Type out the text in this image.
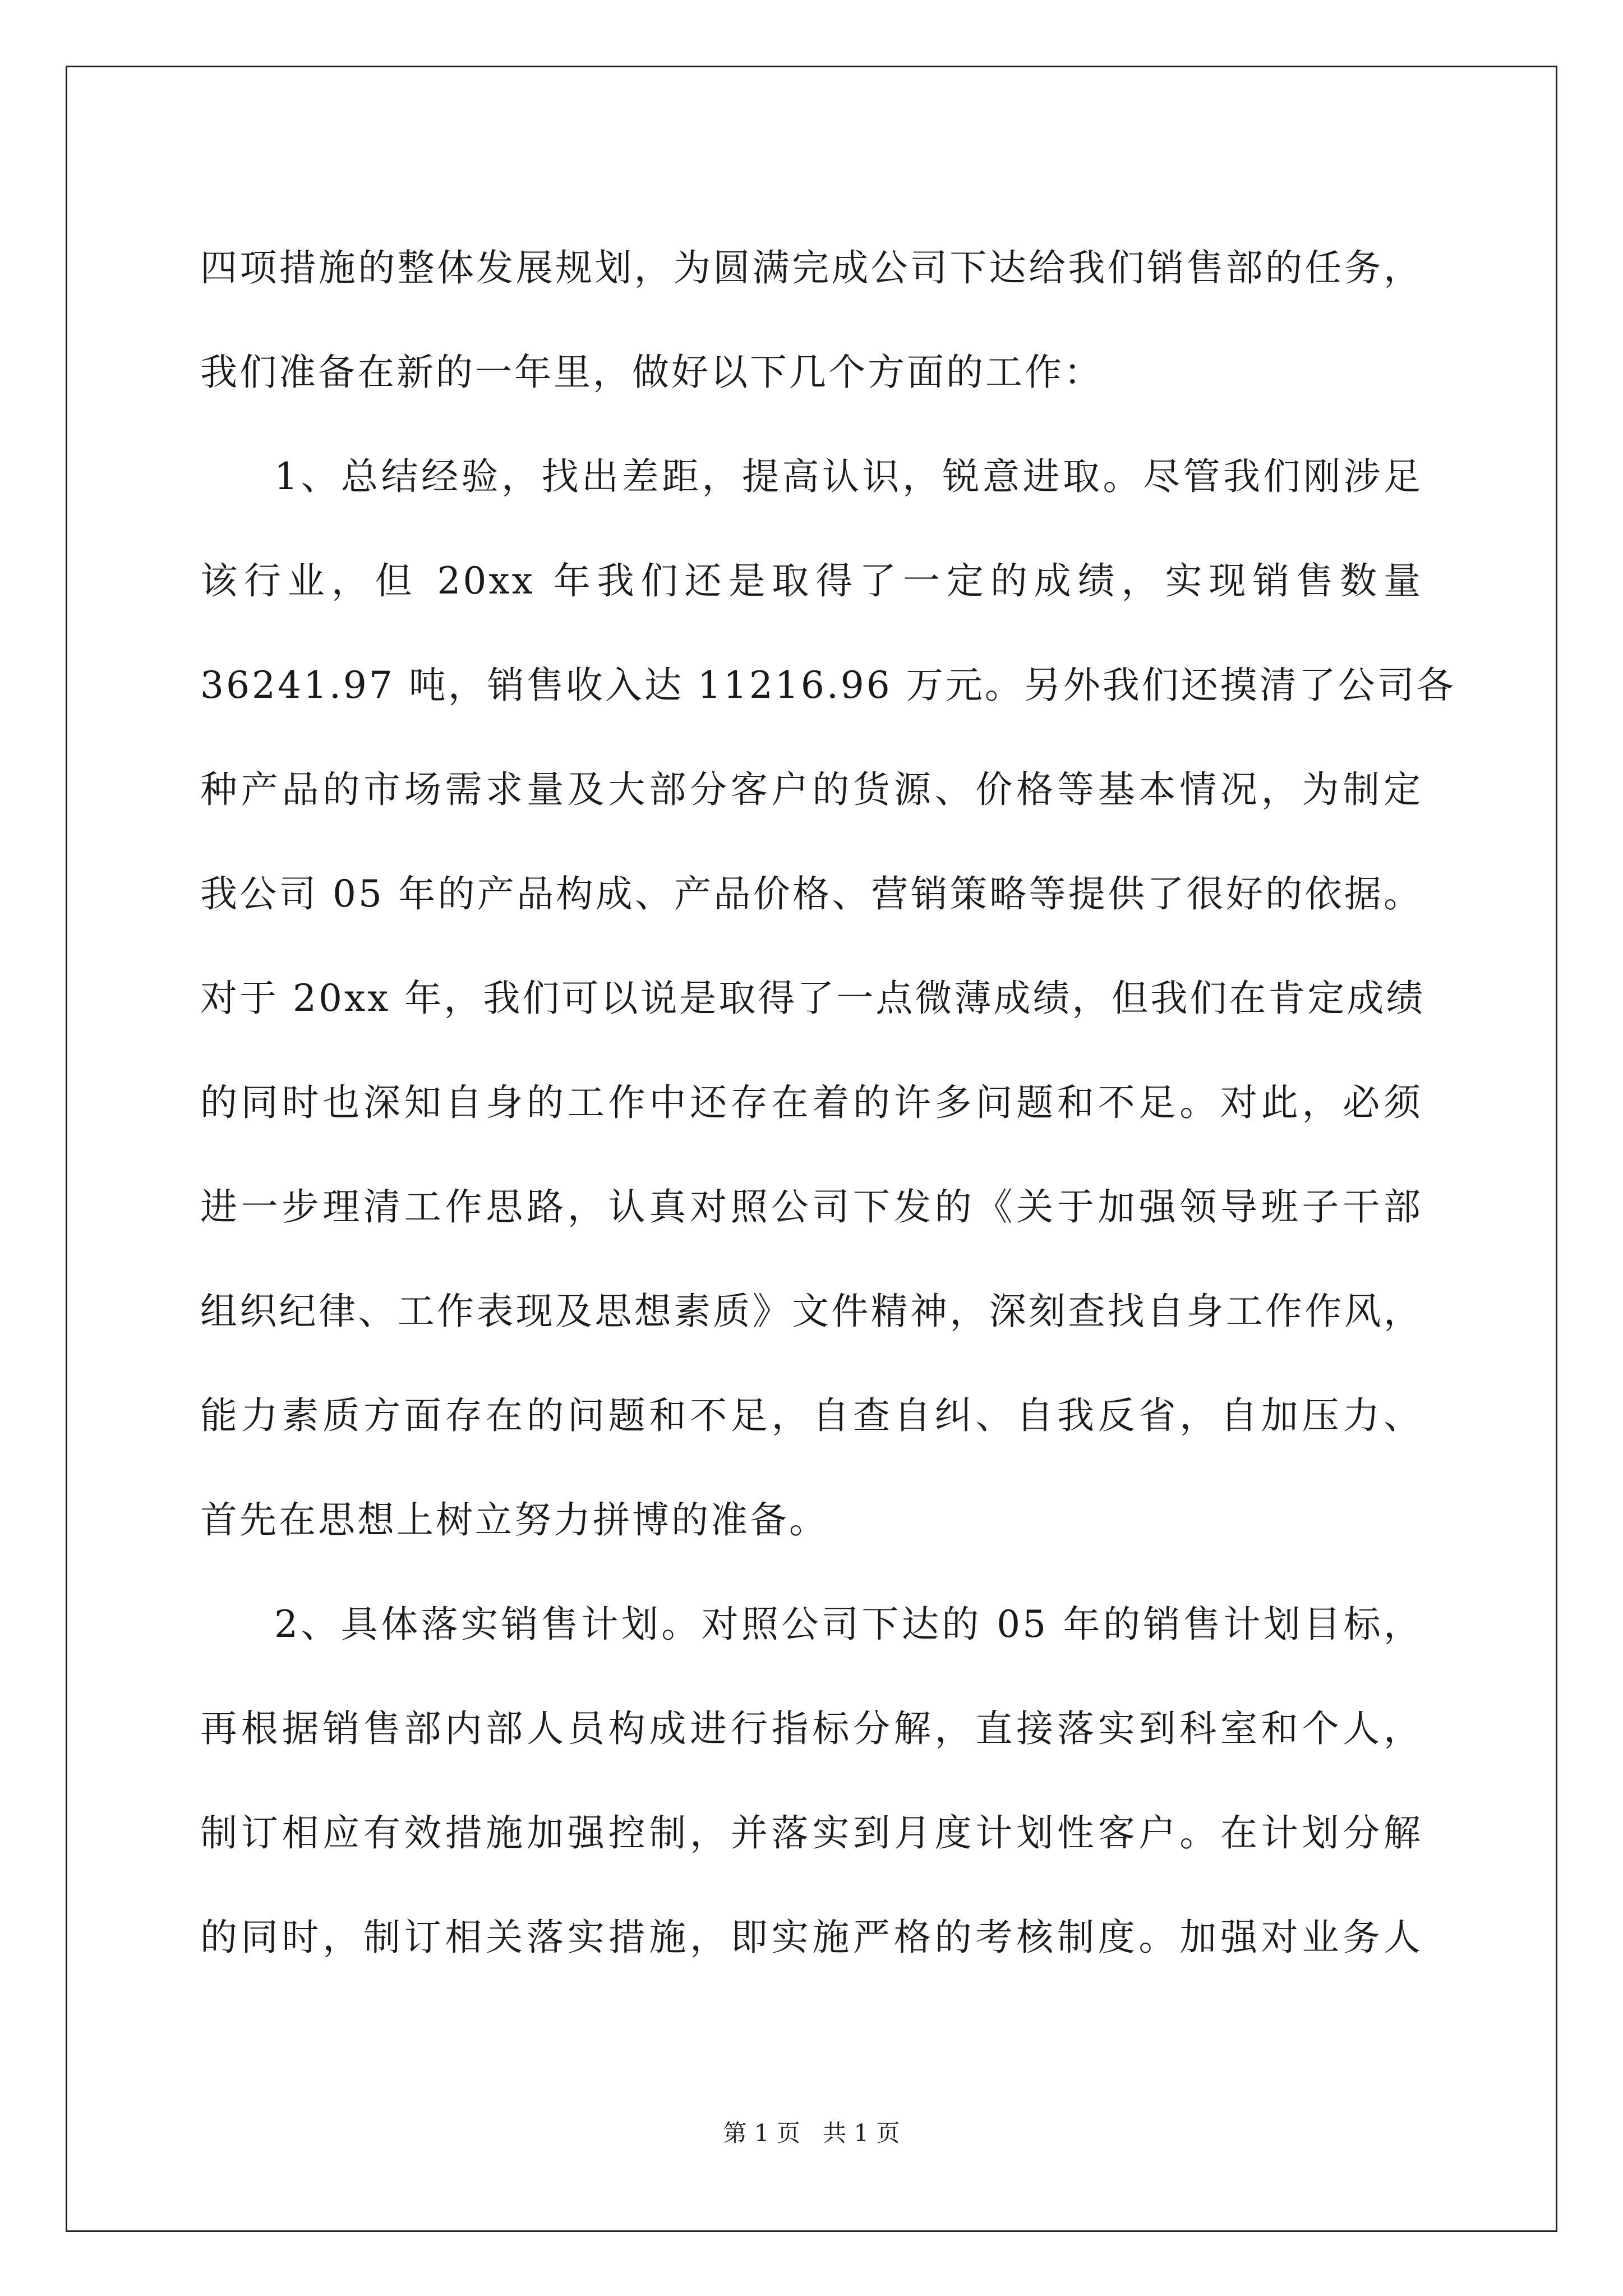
四项措施的整体发展规划，为圆满完成公司下达给我们销售部的任务，
我们准备在新的一年里，做好以下几个方面的工作：
1、总结经验，找出差距，提高认识，锐意进取。尽管我们刚涉足
该行业，但 20xx 年我们还是取得了一定的成绩，实现销售数量
36241.97 吨，销售收入达 11216.96 万元。另外我们还摸清了公司各
种产品的市场需求量及大部分客户的货源、价格等基本情况，为制定
我公司 05 年的产品构成、产品价格、营销策略等提供了很好的依据。
对于 20xx 年，我们可以说是取得了一点微薄成绩，但我们在肯定成绩
的同时也深知自身的工作中还存在着的许多问题和不足。对此，必须
进一步理清工作思路，认真对照公司下发的《关于加强领导班子干部
组织纪律、工作表现及思想素质》文件精神，深刻查找自身工作作风，
能力素质方面存在的问题和不足，自查自纠、自我反省，自加压力、
首先在思想上树立努力拼博的准备。
2、具体落实销售计划。对照公司下达的 05 年的销售计划目标，
再根据销售部内部人员构成进行指标分解，直接落实到科室和个人，
制订相应有效措施加强控制，并落实到月度计划性客户。在计划分解
的同时，制订相关落实措施，即实施严格的考核制度。加强对业务人
第 1 页   共 1 页
